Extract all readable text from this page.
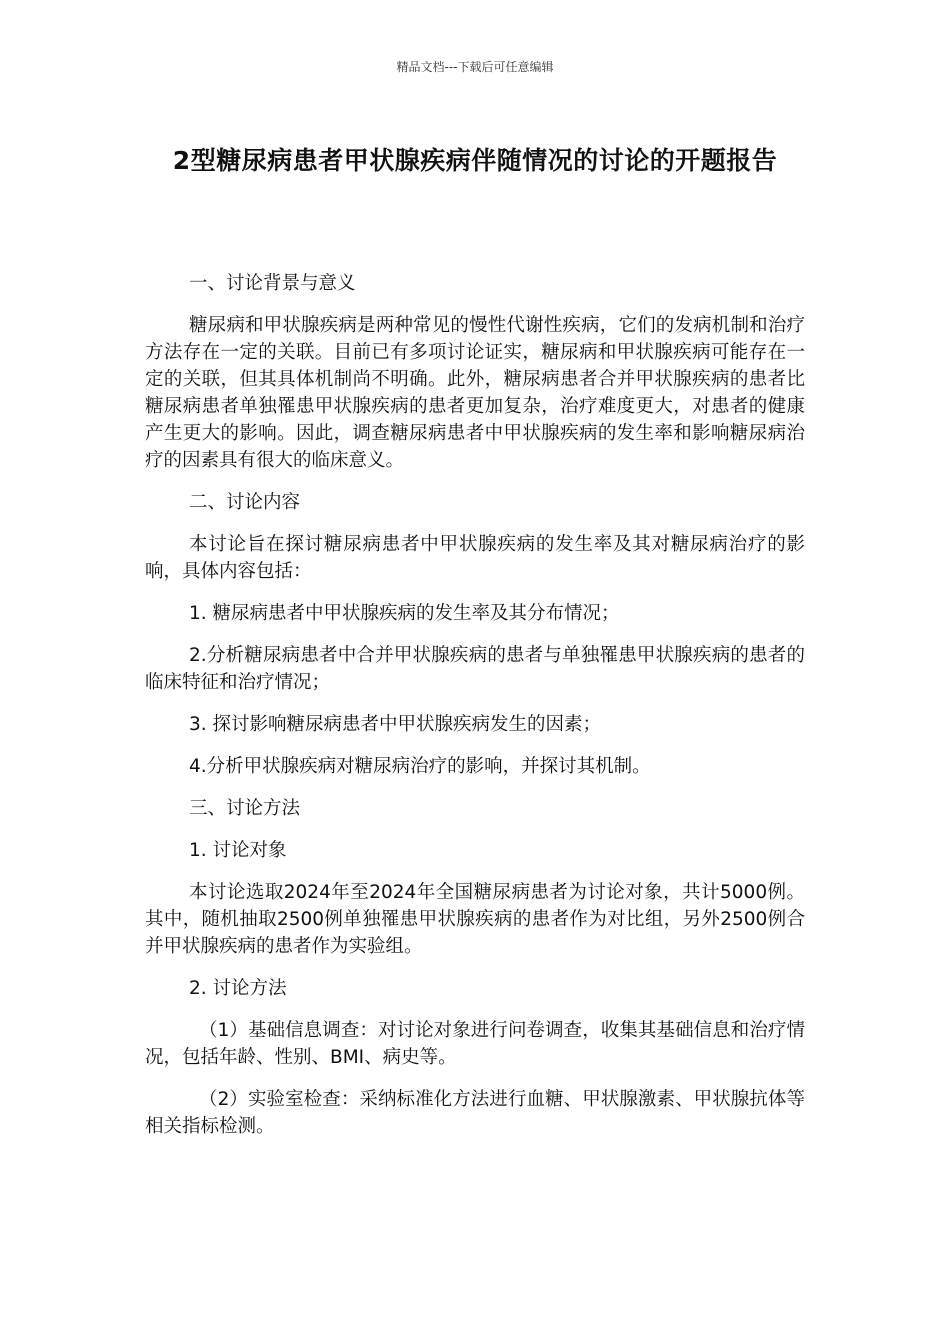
精品文档---下载后可任意编辑
2型糖尿病患者甲状腺疾病伴随情况的讨论的开题报告

一、讨论背景与意义

糖尿病和甲状腺疾病是两种常见的慢性代谢性疾病，它们的发病机制和治疗方法存在一定的关联。目前已有多项讨论证实，糖尿病和甲状腺疾病可能存在一定的关联，但其具体机制尚不明确。此外，糖尿病患者合并甲状腺疾病的患者比糖尿病患者单独罹患甲状腺疾病的患者更加复杂，治疗难度更大，对患者的健康产生更大的影响。因此，调查糖尿病患者中甲状腺疾病的发生率和影响糖尿病治疗的因素具有很大的临床意义。

二、讨论内容

本讨论旨在探讨糖尿病患者中甲状腺疾病的发生率及其对糖尿病治疗的影响，具体内容包括：

1. 糖尿病患者中甲状腺疾病的发生率及其分布情况；

2.分析糖尿病患者中合并甲状腺疾病的患者与单独罹患甲状腺疾病的患者的临床特征和治疗情况；

3. 探讨影响糖尿病患者中甲状腺疾病发生的因素；

4.分析甲状腺疾病对糖尿病治疗的影响，并探讨其机制。

三、讨论方法

1. 讨论对象

本讨论选取2024年至2024年全国糖尿病患者为讨论对象，共计5000例。其中，随机抽取2500例单独罹患甲状腺疾病的患者作为对比组，另外2500例合并甲状腺疾病的患者作为实验组。

2. 讨论方法

（1）基础信息调查：对讨论对象进行问卷调查，收集其基础信息和治疗情况，包括年龄、性别、BMI、病史等。

（2）实验室检查：采纳标准化方法进行血糖、甲状腺激素、甲状腺抗体等相关指标检测。
